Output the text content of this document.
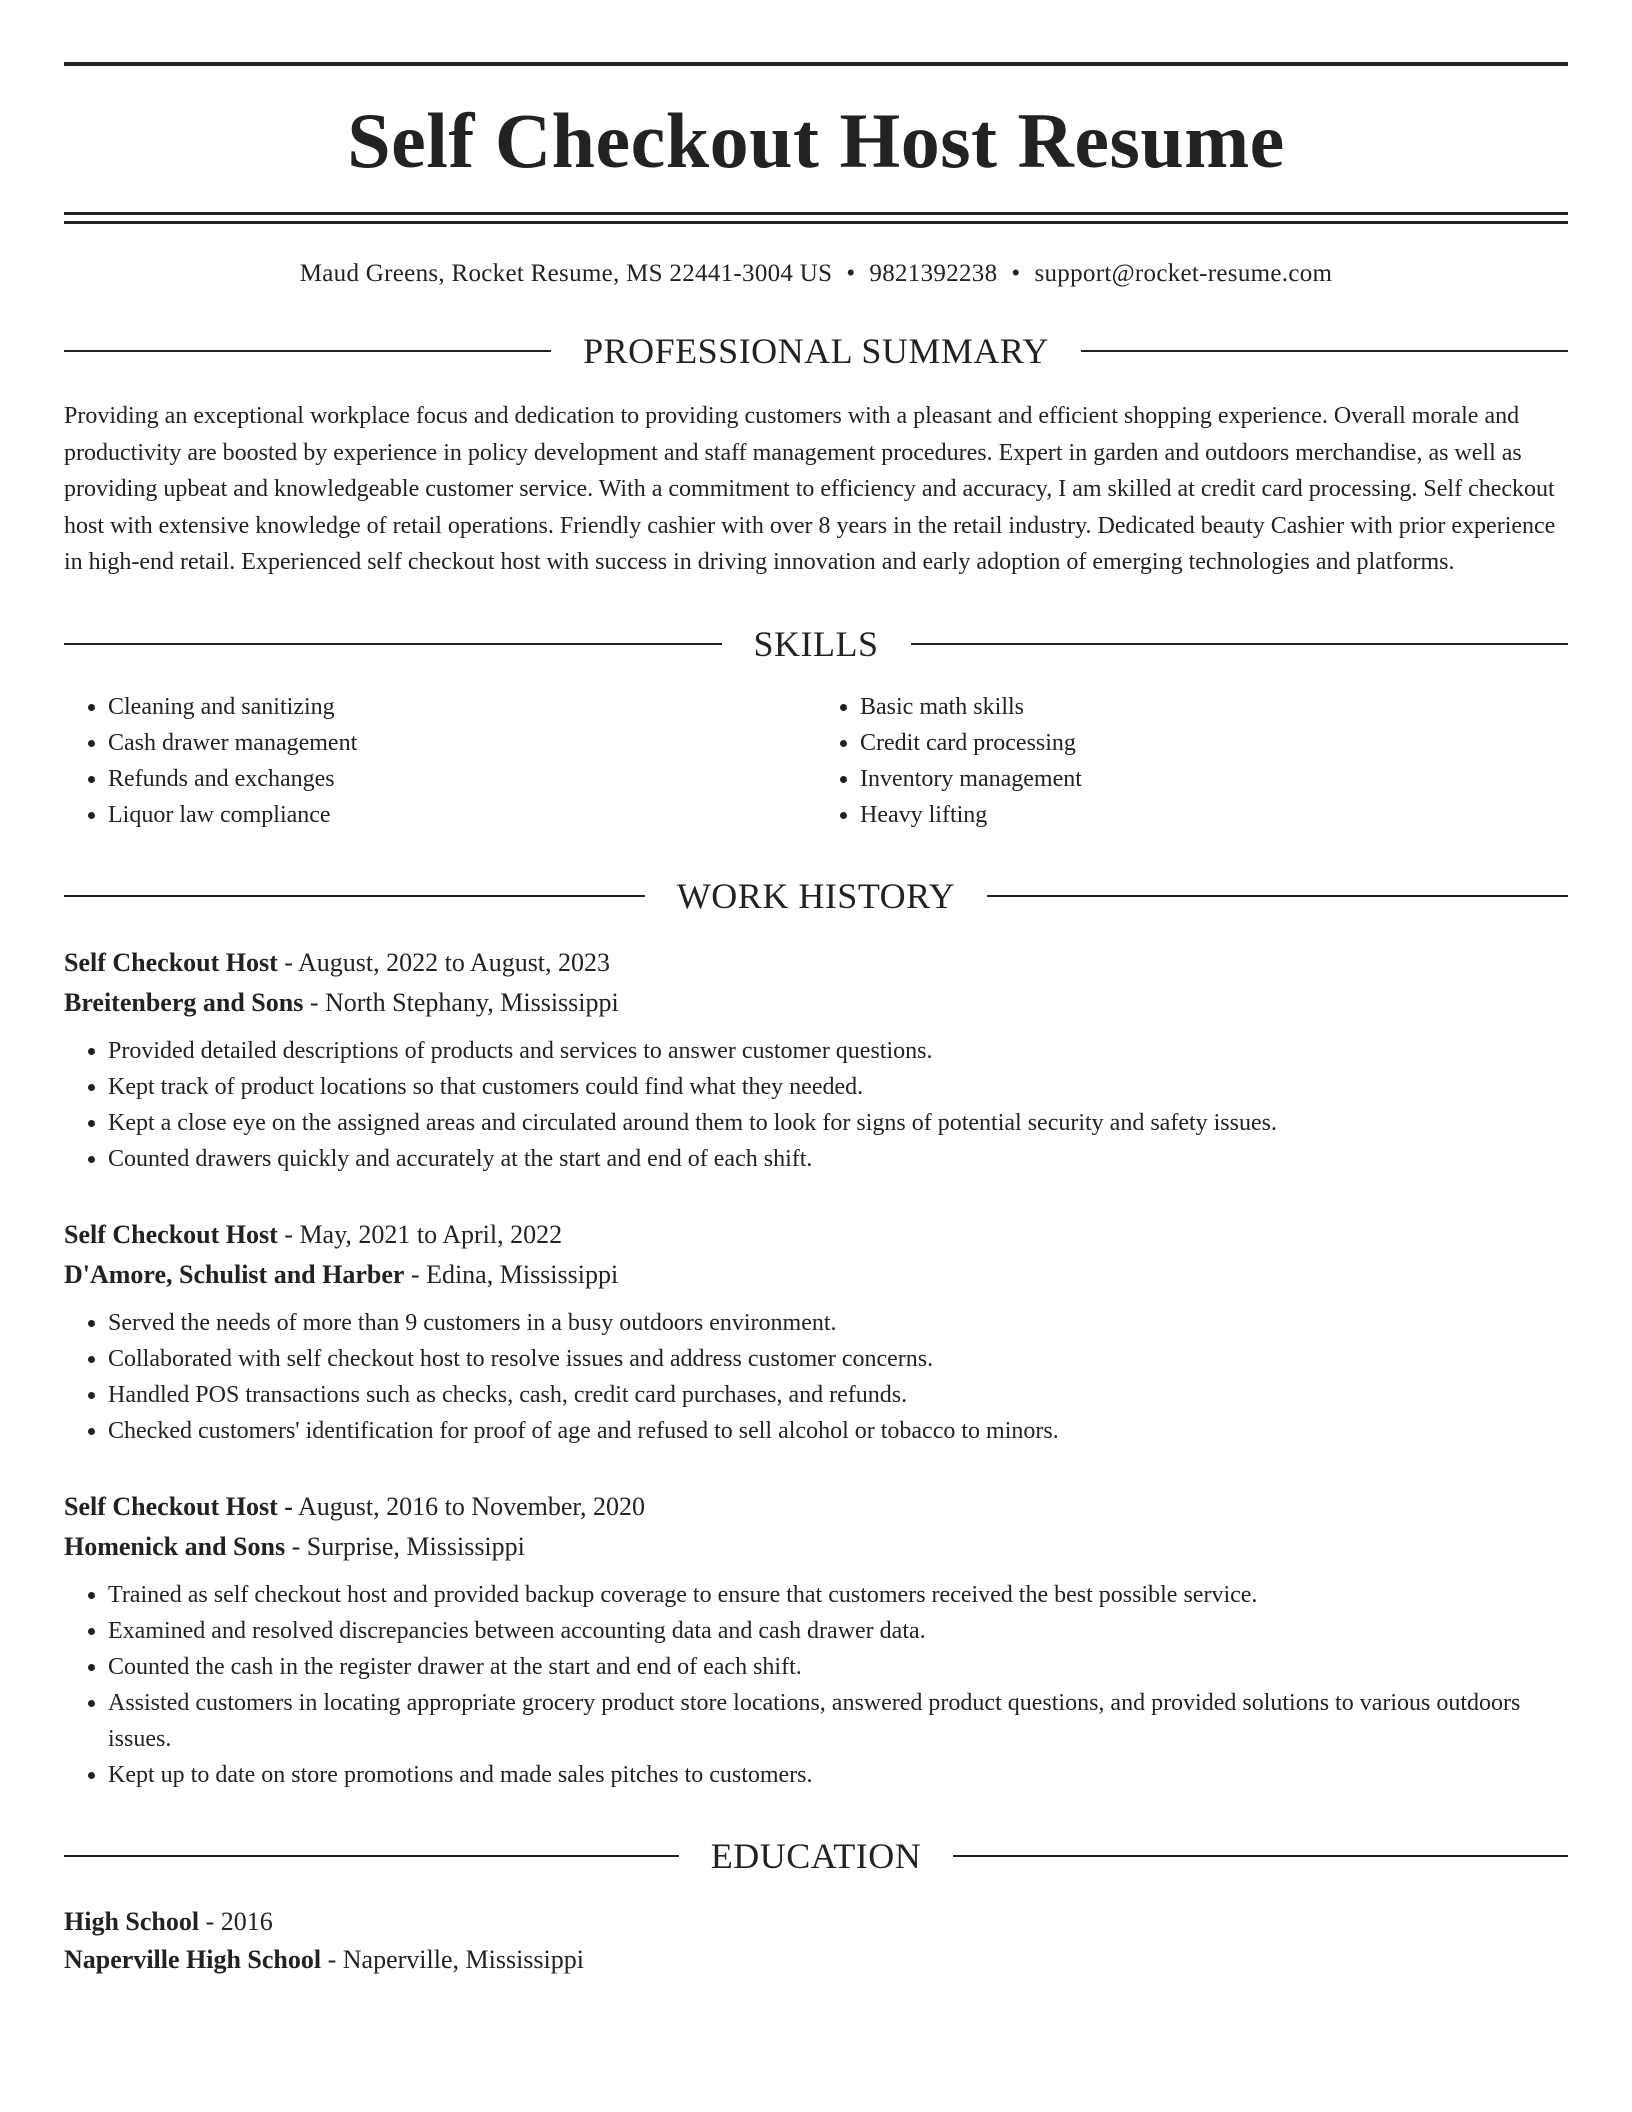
Self Checkout Host Resume
Maud Greens, Rocket Resume, MS 22441-3004 US • 9821392238 • support@rocket-resume.com
PROFESSIONAL SUMMARY
Providing an exceptional workplace focus and dedication to providing customers with a pleasant and efficient shopping experience. Overall morale and productivity are boosted by experience in policy development and staff management procedures. Expert in garden and outdoors merchandise, as well as providing upbeat and knowledgeable customer service. With a commitment to efficiency and accuracy, I am skilled at credit card processing. Self checkout host with extensive knowledge of retail operations. Friendly cashier with over 8 years in the retail industry. Dedicated beauty Cashier with prior experience in high-end retail. Experienced self checkout host with success in driving innovation and early adoption of emerging technologies and platforms.
SKILLS
• Cleaning and sanitizing
• Cash drawer management
• Refunds and exchanges
• Liquor law compliance
• Basic math skills
• Credit card processing
• Inventory management
• Heavy lifting
WORK HISTORY
Self Checkout Host - August, 2022 to August, 2023
Breitenberg and Sons - North Stephany, Mississippi
• Provided detailed descriptions of products and services to answer customer questions.
• Kept track of product locations so that customers could find what they needed.
• Kept a close eye on the assigned areas and circulated around them to look for signs of potential security and safety issues.
• Counted drawers quickly and accurately at the start and end of each shift.
Self Checkout Host - May, 2021 to April, 2022
D'Amore, Schulist and Harber - Edina, Mississippi
• Served the needs of more than 9 customers in a busy outdoors environment.
• Collaborated with self checkout host to resolve issues and address customer concerns.
• Handled POS transactions such as checks, cash, credit card purchases, and refunds.
• Checked customers' identification for proof of age and refused to sell alcohol or tobacco to minors.
Self Checkout Host - August, 2016 to November, 2020
Homenick and Sons - Surprise, Mississippi
• Trained as self checkout host and provided backup coverage to ensure that customers received the best possible service.
• Examined and resolved discrepancies between accounting data and cash drawer data.
• Counted the cash in the register drawer at the start and end of each shift.
• Assisted customers in locating appropriate grocery product store locations, answered product questions, and provided solutions to various outdoors issues.
• Kept up to date on store promotions and made sales pitches to customers.
EDUCATION
High School - 2016
Naperville High School - Naperville, Mississippi
